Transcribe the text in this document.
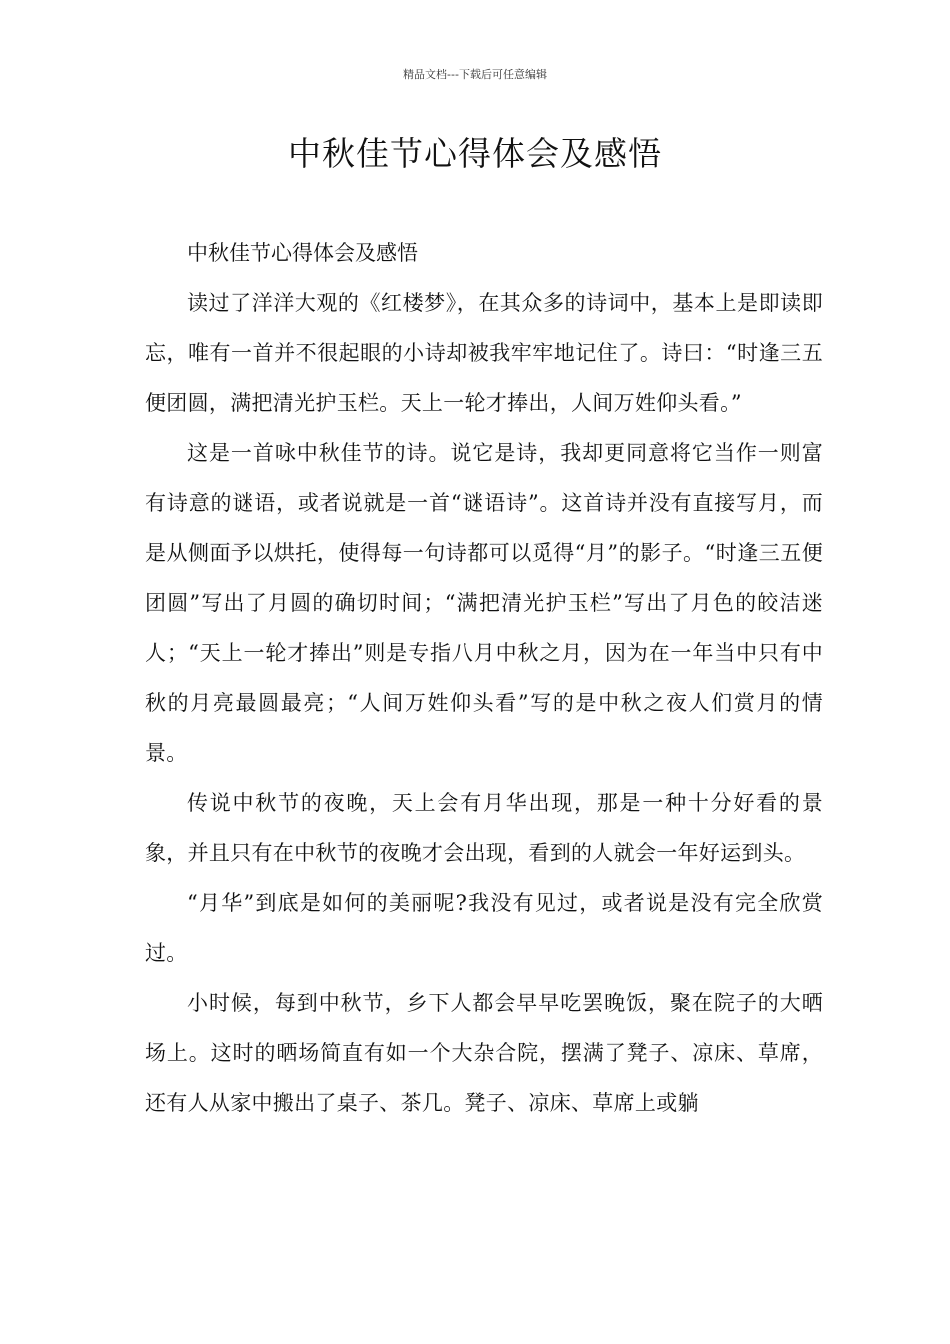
精品文档---下载后可任意编辑
中秋佳节心得体会及感悟

中秋佳节心得体会及感悟

读过了洋洋大观的《红楼梦》，在其众多的诗词中，基本上是即读即忘，唯有一首并不很起眼的小诗却被我牢牢地记住了。诗曰：“时逢三五便团圆，满把清光护玉栏。天上一轮才捧出，人间万姓仰头看。”

这是一首咏中秋佳节的诗。说它是诗，我却更同意将它当作一则富有诗意的谜语，或者说就是一首“谜语诗”。这首诗并没有直接写月，而是从侧面予以烘托，使得每一句诗都可以觅得“月”的影子。“时逢三五便团圆”写出了月圆的确切时间；“满把清光护玉栏”写出了月色的皎洁迷人；“天上一轮才捧出”则是专指八月中秋之月，因为在一年当中只有中秋的月亮最圆最亮；“人间万姓仰头看”写的是中秋之夜人们赏月的情景。

传说中秋节的夜晚，天上会有月华出现，那是一种十分好看的景象，并且只有在中秋节的夜晚才会出现，看到的人就会一年好运到头。

“月华”到底是如何的美丽呢?我没有见过，或者说是没有完全欣赏过。

小时候，每到中秋节，乡下人都会早早吃罢晚饭，聚在院子的大晒场上。这时的晒场简直有如一个大杂合院，摆满了凳子、凉床、草席，还有人从家中搬出了桌子、茶几。凳子、凉床、草席上或躺
